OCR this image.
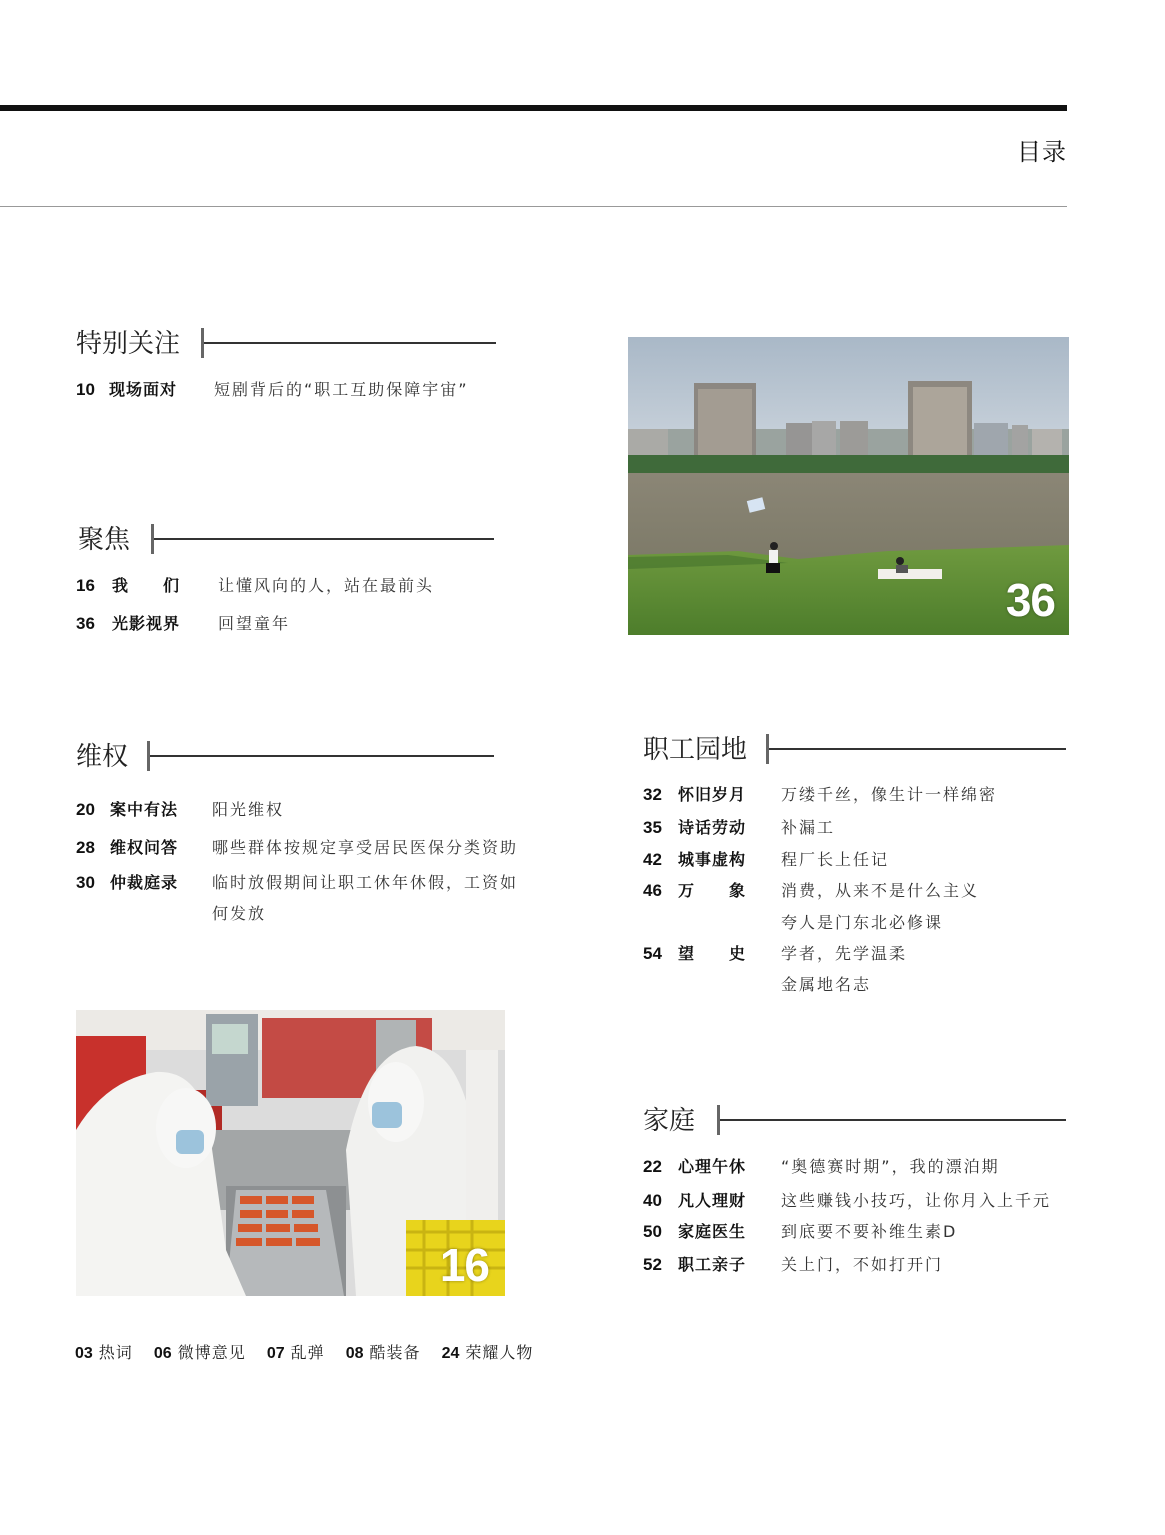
目录
特别关注
10 现场面对 短剧背后的“职工互助保障宇宙”
聚焦
16 我　　们 让懂风向的人，站在最前头
36 光影视界 回望童年
维权
20 案中有法 阳光维权
28 维权问答 哪些群体按规定享受居民医保分类资助
30 仲裁庭录 临时放假期间让职工休年休假，工资如
何发放
职工园地
32 怀旧岁月 万缕千丝，像生计一样绵密
35 诗话劳动 补漏工
42 城事虚构 程厂长上任记
46 万　　象 消费，从来不是什么主义
夸人是门东北必修课
54 望　　史 学者，先学温柔
金属地名志
家庭
22 心理午休 “奥德赛时期”，我的漂泊期
40 凡人理财 这些赚钱小技巧，让你月入上千元
50 家庭医生 到底要不要补维生素D
52 职工亲子 关上门，不如打开门
36
16
03 热词 06 微博意见 07 乱弹 08 酷装备 24 荣耀人物
